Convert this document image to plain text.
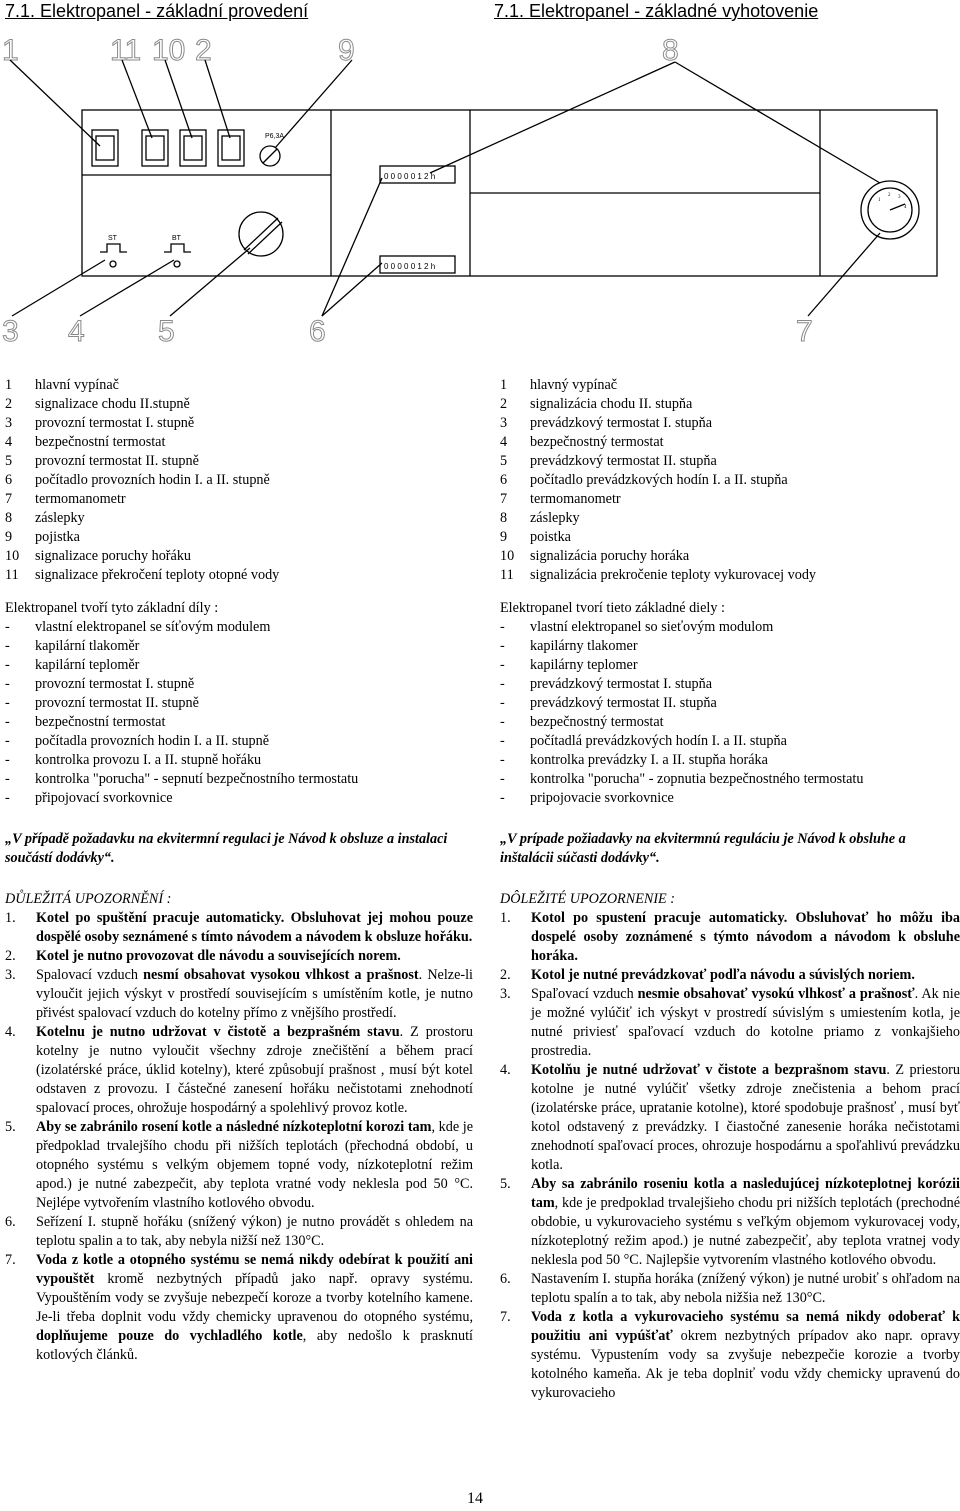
7.1. Elektropanel - základní provedení	7.1. Elektropanel - základné vyhotovenie
1	11 10 2	9	8
3 4 5	6	7
P6,3A
0 0 0 0 0 1 2 h
0 0 0 0 0 1 2 h
ST	BT
1
2 3
4
1	hlavní vypínač
2	signalizace chodu II.stupně
3	provozní termostat I. stupně
4	bezpečnostní termostat
5	provozní termostat II. stupně
6	počítadlo provozních hodin I. a II. stupně
7	termomanometr
8	záslepky
9	pojistka
10	signalizace poruchy hořáku
11	signalizace překročení teploty otopné vody
Elektropanel tvoří tyto základní díly :
-	vlastní elektropanel se síťovým modulem
-	kapilární tlakoměr
-	kapilární teploměr
-	provozní termostat I. stupně
-	provozní termostat II. stupně
-	bezpečnostní termostat
-	počítadla provozních hodin I. a II. stupně
-	kontrolka provozu I. a II. stupně hořáku
-	kontrolka "porucha" - sepnutí bezpečnostního termostatu
-	připojovací svorkovnice
„V případě požadavku na ekvitermní regulaci je Návod k obsluze a instalaci součástí dodávky“.
DŮLEŽITÁ UPOZORNĚNÍ :
1.	Kotel po spuštění pracuje automaticky. Obsluhovat jej mohou pouze dospělé osoby seznámené s tímto návodem a návodem k obsluze hořáku.
2.	Kotel je nutno provozovat dle návodu a souvisejících norem.
3.	Spalovací vzduch nesmí obsahovat vysokou vlhkost a prašnost. Nelze-li vyloučit jejich výskyt v prostředí souvisejícím s umístěním kotle, je nutno přivést spalovací vzduch do kotelny přímo z vnějšího prostředí.
4.	Kotelnu je nutno udržovat v čistotě a bezprašném stavu. Z prostoru kotelny je nutno vyloučit všechny zdroje znečištění a během prací (izolatérské práce, úklid kotelny), které způsobují prašnost , musí být kotel odstaven z provozu. I částečné zanesení hořáku nečistotami znehodnotí spalovací proces, ohrožuje hospodárný a spolehlivý provoz kotle.
5.	Aby se zabránilo rosení kotle a následné nízkoteplotní korozi tam, kde je předpoklad trvalejšího chodu při nižších teplotách (přechodná období, u otopného systému s velkým objemem topné vody, nízkoteplotní režim apod.) je nutné zabezpečit, aby teplota vratné vody neklesla pod 50 °C. Nejlépe vytvořením vlastního kotlového obvodu.
6.	Seřízení I. stupně hořáku (snížený výkon) je nutno provádět s ohledem na teplotu spalin a to tak, aby nebyla nižší než 130°C.
7.	Voda z kotle a otopného systému se nemá nikdy odebírat k použití ani vypouštět kromě nezbytných případů jako např. opravy systému. Vypouštěním vody se zvyšuje nebezpečí koroze a tvorby kotelního kamene. Je-li třeba doplnit vodu vždy chemicky upravenou do otopného systému, doplňujeme pouze do vychladlého kotle, aby nedošlo k prasknutí kotlových článků.
1	hlavný vypínač
2	signalizácia chodu II. stupňa
3	prevádzkový termostat I. stupňa
4	bezpečnostný termostat
5	prevádzkový termostat II. stupňa
6	počítadlo prevádzkových hodín I. a II. stupňa
7	termomanometr
8	záslepky
9	poistka
10	signalizácia poruchy horáka
11	signalizácia prekročenie teploty vykurovacej vody
Elektropanel tvorí tieto základné diely :
-	vlastní elektropanel so sieťovým modulom
-	kapilárny tlakomer
-	kapilárny teplomer
-	prevádzkový termostat I. stupňa
-	prevádzkový termostat II. stupňa
-	bezpečnostný termostat
-	počítadlá prevádzkových hodín I. a II. stupňa
-	kontrolka prevádzky I. a II. stupňa horáka
-	kontrolka "porucha" - zopnutia bezpečnostného termostatu
-	pripojovacie svorkovnice
„V prípade požiadavky na ekvitermnú reguláciu je Návod k obsluhe a inštalácii súčasti dodávky“.
DÔLEŽITÉ UPOZORNENIE :
1.	Kotol po spustení pracuje automaticky. Obsluhovať ho môžu iba dospelé osoby zoznámené s týmto návodom a návodom k obsluhe horáka.
2.	Kotol je nutné prevádzkovať podľa návodu a súvislých noriem.
3.	Spaľovací vzduch nesmie obsahovať vysokú vlhkosť a prašnosť. Ak nie je možné vylúčiť ich výskyt v prostredí súvislým s umiestením kotla, je nutné priviesť spaľovací vzduch do kotolne priamo z vonkajšieho prostredia.
4.	Kotolňu je nutné udržovať v čistote a bezprašnom stavu. Z priestoru kotolne je nutné vylúčiť všetky zdroje znečistenia a behom prací (izolatérske práce, upratanie kotolne), ktoré spodobuje prašnosť , musí byť kotol odstavený z prevádzky. I čiastočné zanesenie horáka nečistotami znehodnotí spaľovací proces, ohrozuje hospodárnu a spoľahlivú prevádzku kotla.
5.	Aby sa zabránilo roseniu kotla a nasledujúcej nízkoteplotnej korózii tam, kde je predpoklad trvalejšieho chodu pri nižších teplotách (prechodné obdobie, u vykurovacieho systému s veľkým objemom vykurovacej vody, nízkoteplotný režim apod.) je nutné zabezpečiť, aby teplota vratnej vody neklesla pod 50 °C. Najlepšie vytvorením vlastného kotlového obvodu.
6.	Nastavením I. stupňa horáka (znížený výkon) je nutné urobiť s ohľadom na teplotu spalín a to tak, aby nebola nižšia než 130°C.
7.	Voda z kotla a vykurovacieho systému sa nemá nikdy odoberať k použitiu ani vypúšťať okrem nezbytných prípadov ako napr. opravy systému. Vypustením vody sa zvyšuje nebezpečie korozie a tvorby kotolného kameňa. Ak je teba doplniť vodu vždy chemicky upravenú do vykurovacieho
14
